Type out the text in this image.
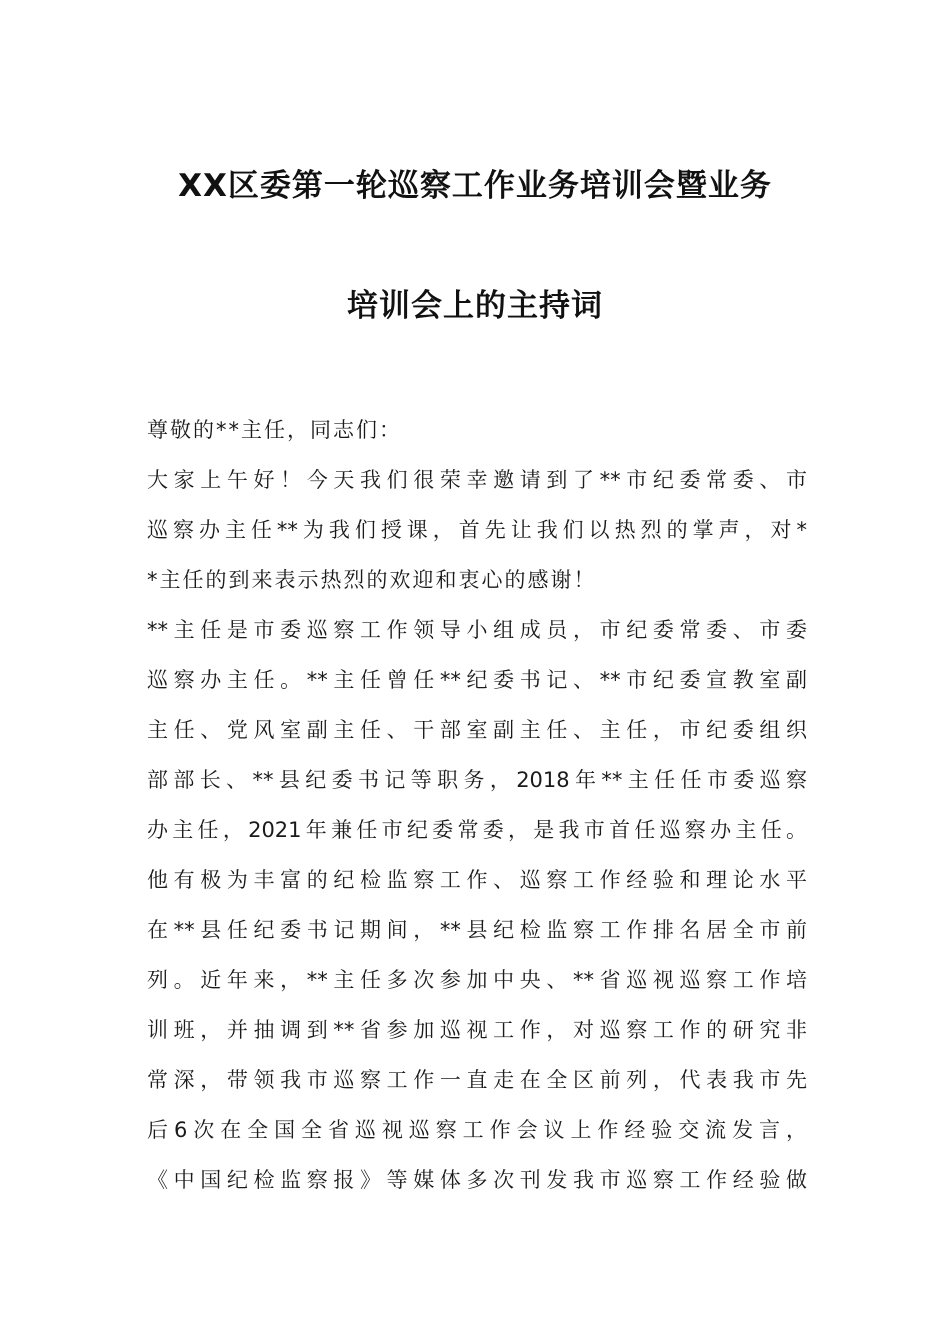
XX区委第一轮巡察工作业务培训会暨业务
培训会上的主持词
尊敬的**主任，同志们：
大家上午好！今天我们很荣幸邀请到了**市纪委常委、市
巡察办主任**为我们授课，首先让我们以热烈的掌声，对*
*主任的到来表示热烈的欢迎和衷心的感谢！
**主任是市委巡察工作领导小组成员，市纪委常委、市委
巡察办主任。**主任曾任**纪委书记、**市纪委宣教室副
主任、党风室副主任、干部室副主任、主任，市纪委组织
部部长、**县纪委书记等职务，2018年**主任任市委巡察
办主任，2021年兼任市纪委常委，是我市首任巡察办主任。
他有极为丰富的纪检监察工作、巡察工作经验和理论水平
在**县任纪委书记期间，**县纪检监察工作排名居全市前
列。近年来，**主任多次参加中央、**省巡视巡察工作培
训班，并抽调到**省参加巡视工作，对巡察工作的研究非
常深，带领我市巡察工作一直走在全区前列，代表我市先
后6次在全国全省巡视巡察工作会议上作经验交流发言，
《中国纪检监察报》等媒体多次刊发我市巡察工作经验做
